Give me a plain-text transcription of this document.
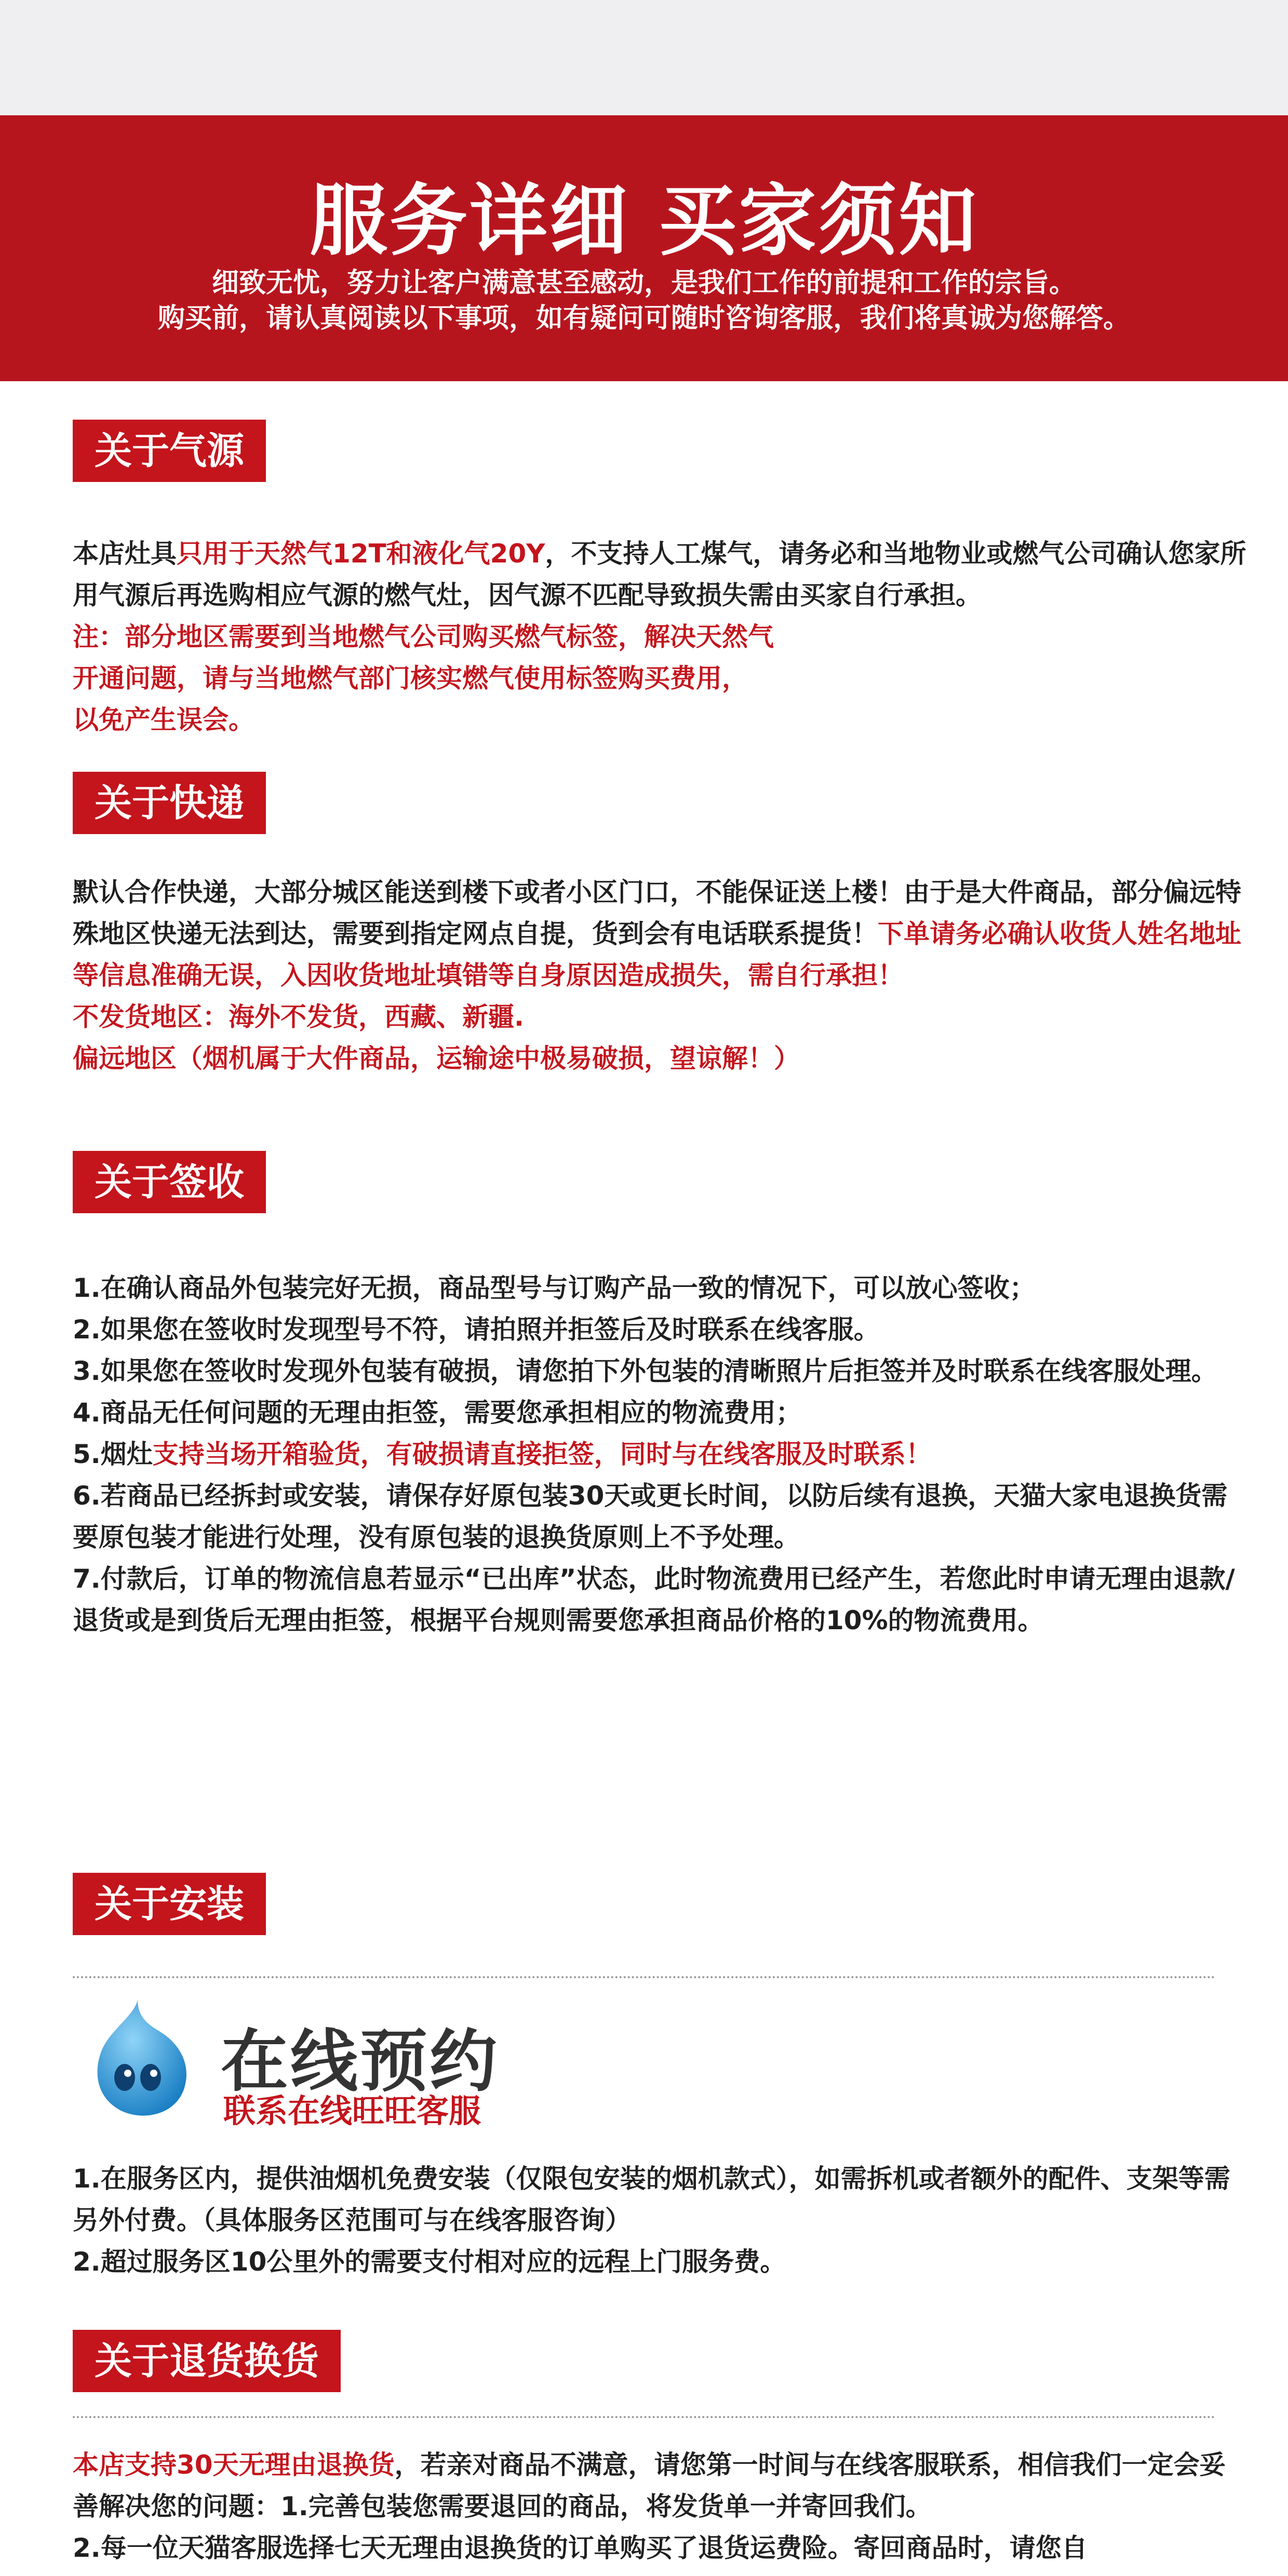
服务详细 买家须知
细致无忧，努力让客户满意甚至感动，是我们工作的前提和工作的宗旨。
购买前，请认真阅读以下事项，如有疑问可随时咨询客服，我们将真诚为您解答。
关于气源

本店灶具只用于天然气12T和液化气20Y，不支持人工煤气，请务必和当地物业或燃气公司确认您家所用气源后再选购相应气源的燃气灶，因气源不匹配导致损失需由买家自行承担。

注：部分地区需要到当地燃气公司购买燃气标签，解决天然气

开通问题，请与当地燃气部门核实燃气使用标签购买费用，

以免产生误会。

关于快递

默认合作快递，大部分城区能送到楼下或者小区门口，不能保证送上楼！由于是大件商品，部分偏远特殊地区快递无法到达，需要到指定网点自提，货到会有电话联系提货！下单请务必确认收货人姓名地址等信息准确无误，入因收货地址填错等自身原因造成损失，需自行承担！

不发货地区：海外不发货，西藏、新疆.

偏远地区（烟机属于大件商品，运输途中极易破损，望谅解！）

关于签收

1.在确认商品外包装完好无损，商品型号与订购产品一致的情况下，可以放心签收；

2.如果您在签收时发现型号不符，请拍照并拒签后及时联系在线客服。

3.如果您在签收时发现外包装有破损，请您拍下外包装的清晰照片后拒签并及时联系在线客服处理。

4.商品无任何问题的无理由拒签，需要您承担相应的物流费用；

5.烟灶支持当场开箱验货，有破损请直接拒签，同时与在线客服及时联系！

6.若商品已经拆封或安装，请保存好原包装30天或更长时间，以防后续有退换，天猫大家电退换货需要原包装才能进行处理，没有原包装的退换货原则上不予处理。

7.付款后，订单的物流信息若显示“已出库”状态，此时物流费用已经产生，若您此时申请无理由退款/退货或是到货后无理由拒签，根据平台规则需要您承担商品价格的10%的物流费用。

关于安装
在线预约
联系在线旺旺客服

1.在服务区内，提供油烟机免费安装（仅限包安装的烟机款式），如需拆机或者额外的配件、支架等需另外付费。（具体服务区范围可与在线客服咨询）

2.超过服务区10公里外的需要支付相对应的远程上门服务费。

关于退货换货

本店支持30天无理由退换货，若亲对商品不满意，请您第一时间与在线客服联系，相信我们一定会妥善解决您的问题：1.完善包装您需要退回的商品，将发货单一并寄回我们。

2.每一位天猫客服选择七天无理由退换货的订单购买了退货运费险。寄回商品时，请您自
